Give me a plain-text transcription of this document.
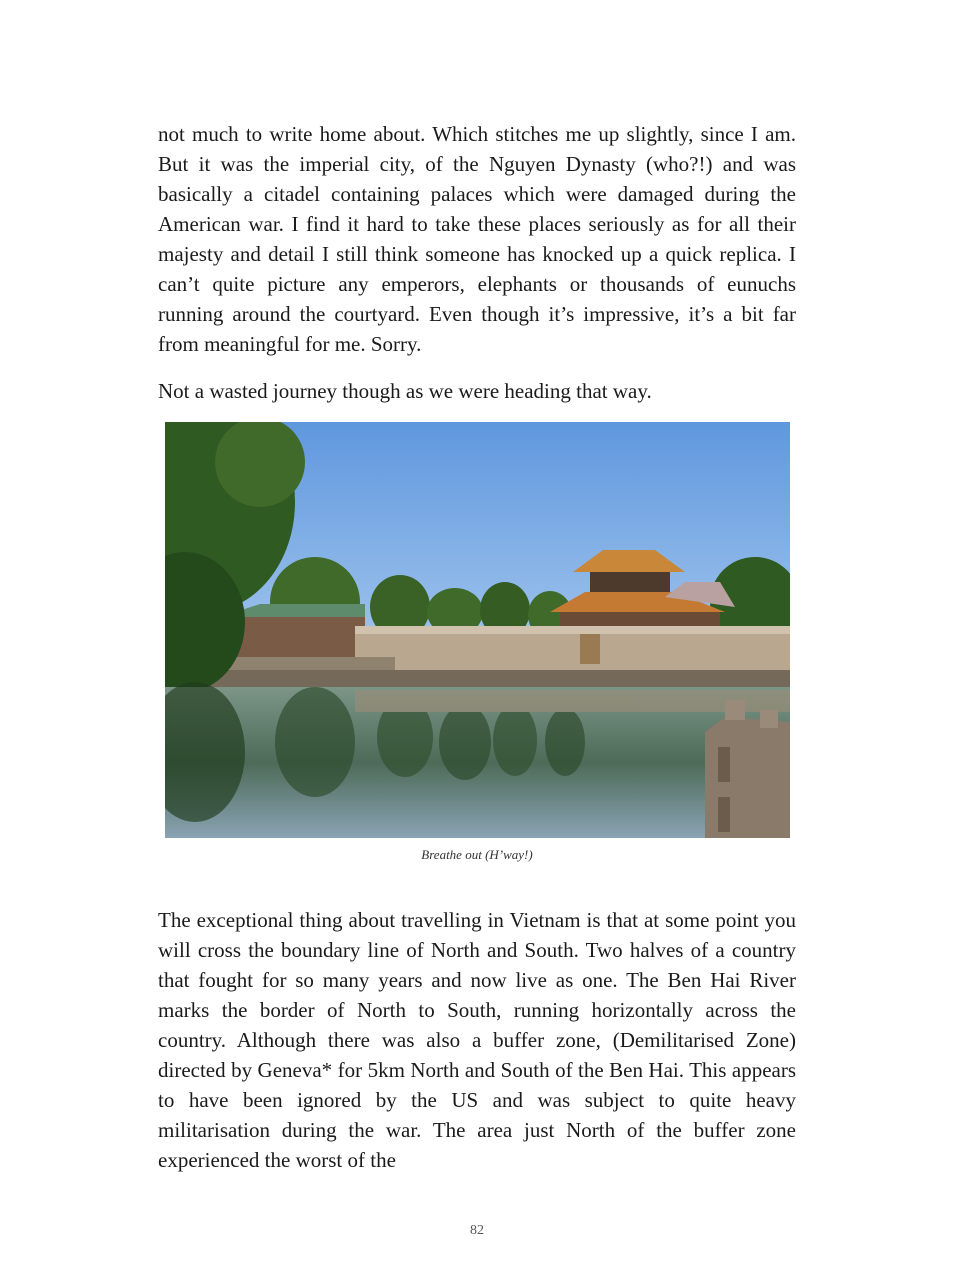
not much to write home about. Which stitches me up slightly, since I am. But it was the imperial city, of the Nguyen Dynasty (who?!) and was basically a citadel containing palaces which were damaged during the American war. I find it hard to take these places seriously as for all their majesty and detail I still think someone has knocked up a quick replica. I can’t quite picture any emperors, elephants or thousands of eunuchs running around the courtyard. Even though it’s impressive, it’s a bit far from meaningful for me. Sorry.

Not a wasted journey though as we were heading that way.

Breathe out (H’way!)

The exceptional thing about travelling in Vietnam is that at some point you will cross the boundary line of North and South. Two halves of a country that fought for so many years and now live as one. The Ben Hai River marks the border of North to South, running horizontally across the country. Although there was also a buffer zone, (Demilitarised Zone) directed by Geneva* for 5km North and South of the Ben Hai. This appears to have been ignored by the US and was subject to quite heavy militarisation during the war. The area just North of the buffer zone experienced the worst of the

82
